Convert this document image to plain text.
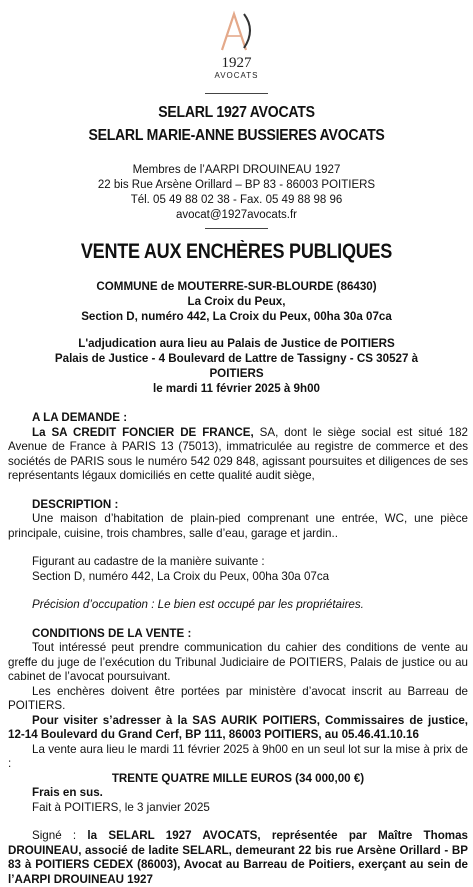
1927
AVOCATS
SELARL 1927 AVOCATS
SELARL MARIE-ANNE BUSSIERES AVOCATS
Membres de l’AARPI DROUINEAU 1927
22 bis Rue Arsène Orillard – BP 83 - 86003 POITIERS
Tél. 05 49 88 02 38 - Fax. 05 49 88 98 96
avocat@1927avocats.fr
VENTE AUX ENCHÈRES PUBLIQUES
COMMUNE de MOUTERRE-SUR-BLOURDE (86430)
La Croix du Peux,
Section D, numéro 442, La Croix du Peux, 00ha 30a 07ca
L'adjudication aura lieu au Palais de Justice de POITIERS
Palais de Justice - 4 Boulevard de Lattre de Tassigny - CS 30527 à
POITIERS
le mardi 11 février 2025 à 9h00

A LA DEMANDE :

La SA CREDIT FONCIER DE FRANCE, SA, dont le siège social est situé 182 Avenue de France à PARIS 13 (75013), immatriculée au registre de commerce et des sociétés de PARIS sous le numéro 542 029 848, agissant poursuites et diligences de ses représentants légaux domiciliés en cette qualité audit siège,

DESCRIPTION :

Une maison d’habitation de plain-pied comprenant une entrée, WC, une pièce principale, cuisine, trois chambres, salle d’eau, garage et jardin..

Figurant au cadastre de la manière suivante :

Section D, numéro 442, La Croix du Peux, 00ha 30a 07ca

Précision d’occupation : Le bien est occupé par les propriétaires.

CONDITIONS DE LA VENTE :

Tout intéressé peut prendre communication du cahier des conditions de vente au greffe du juge de l’exécution du Tribunal Judiciaire de POITIERS, Palais de justice ou au cabinet de l’avocat poursuivant.

Les enchères doivent être portées par ministère d’avocat inscrit au Barreau de POITIERS.

Pour visiter s’adresser à la SAS AURIK POITIERS, Commissaires de justice, 12-14 Boulevard du Grand Cerf, BP 111, 86003 POITIERS, au 05.46.41.10.16

La vente aura lieu le mardi 11 février 2025 à 9h00 en un seul lot sur la mise à prix de :

TRENTE QUATRE MILLE EUROS (34 000,00 €)

Frais en sus.

Fait à POITIERS, le 3 janvier 2025

Signé : la SELARL 1927 AVOCATS, représentée par Maître Thomas DROUINEAU, associé de ladite SELARL, demeurant 22 bis rue Arsène Orillard - BP 83 à POITIERS CEDEX (86003), Avocat au Barreau de Poitiers, exerçant au sein de l’AARPI DROUINEAU 1927
